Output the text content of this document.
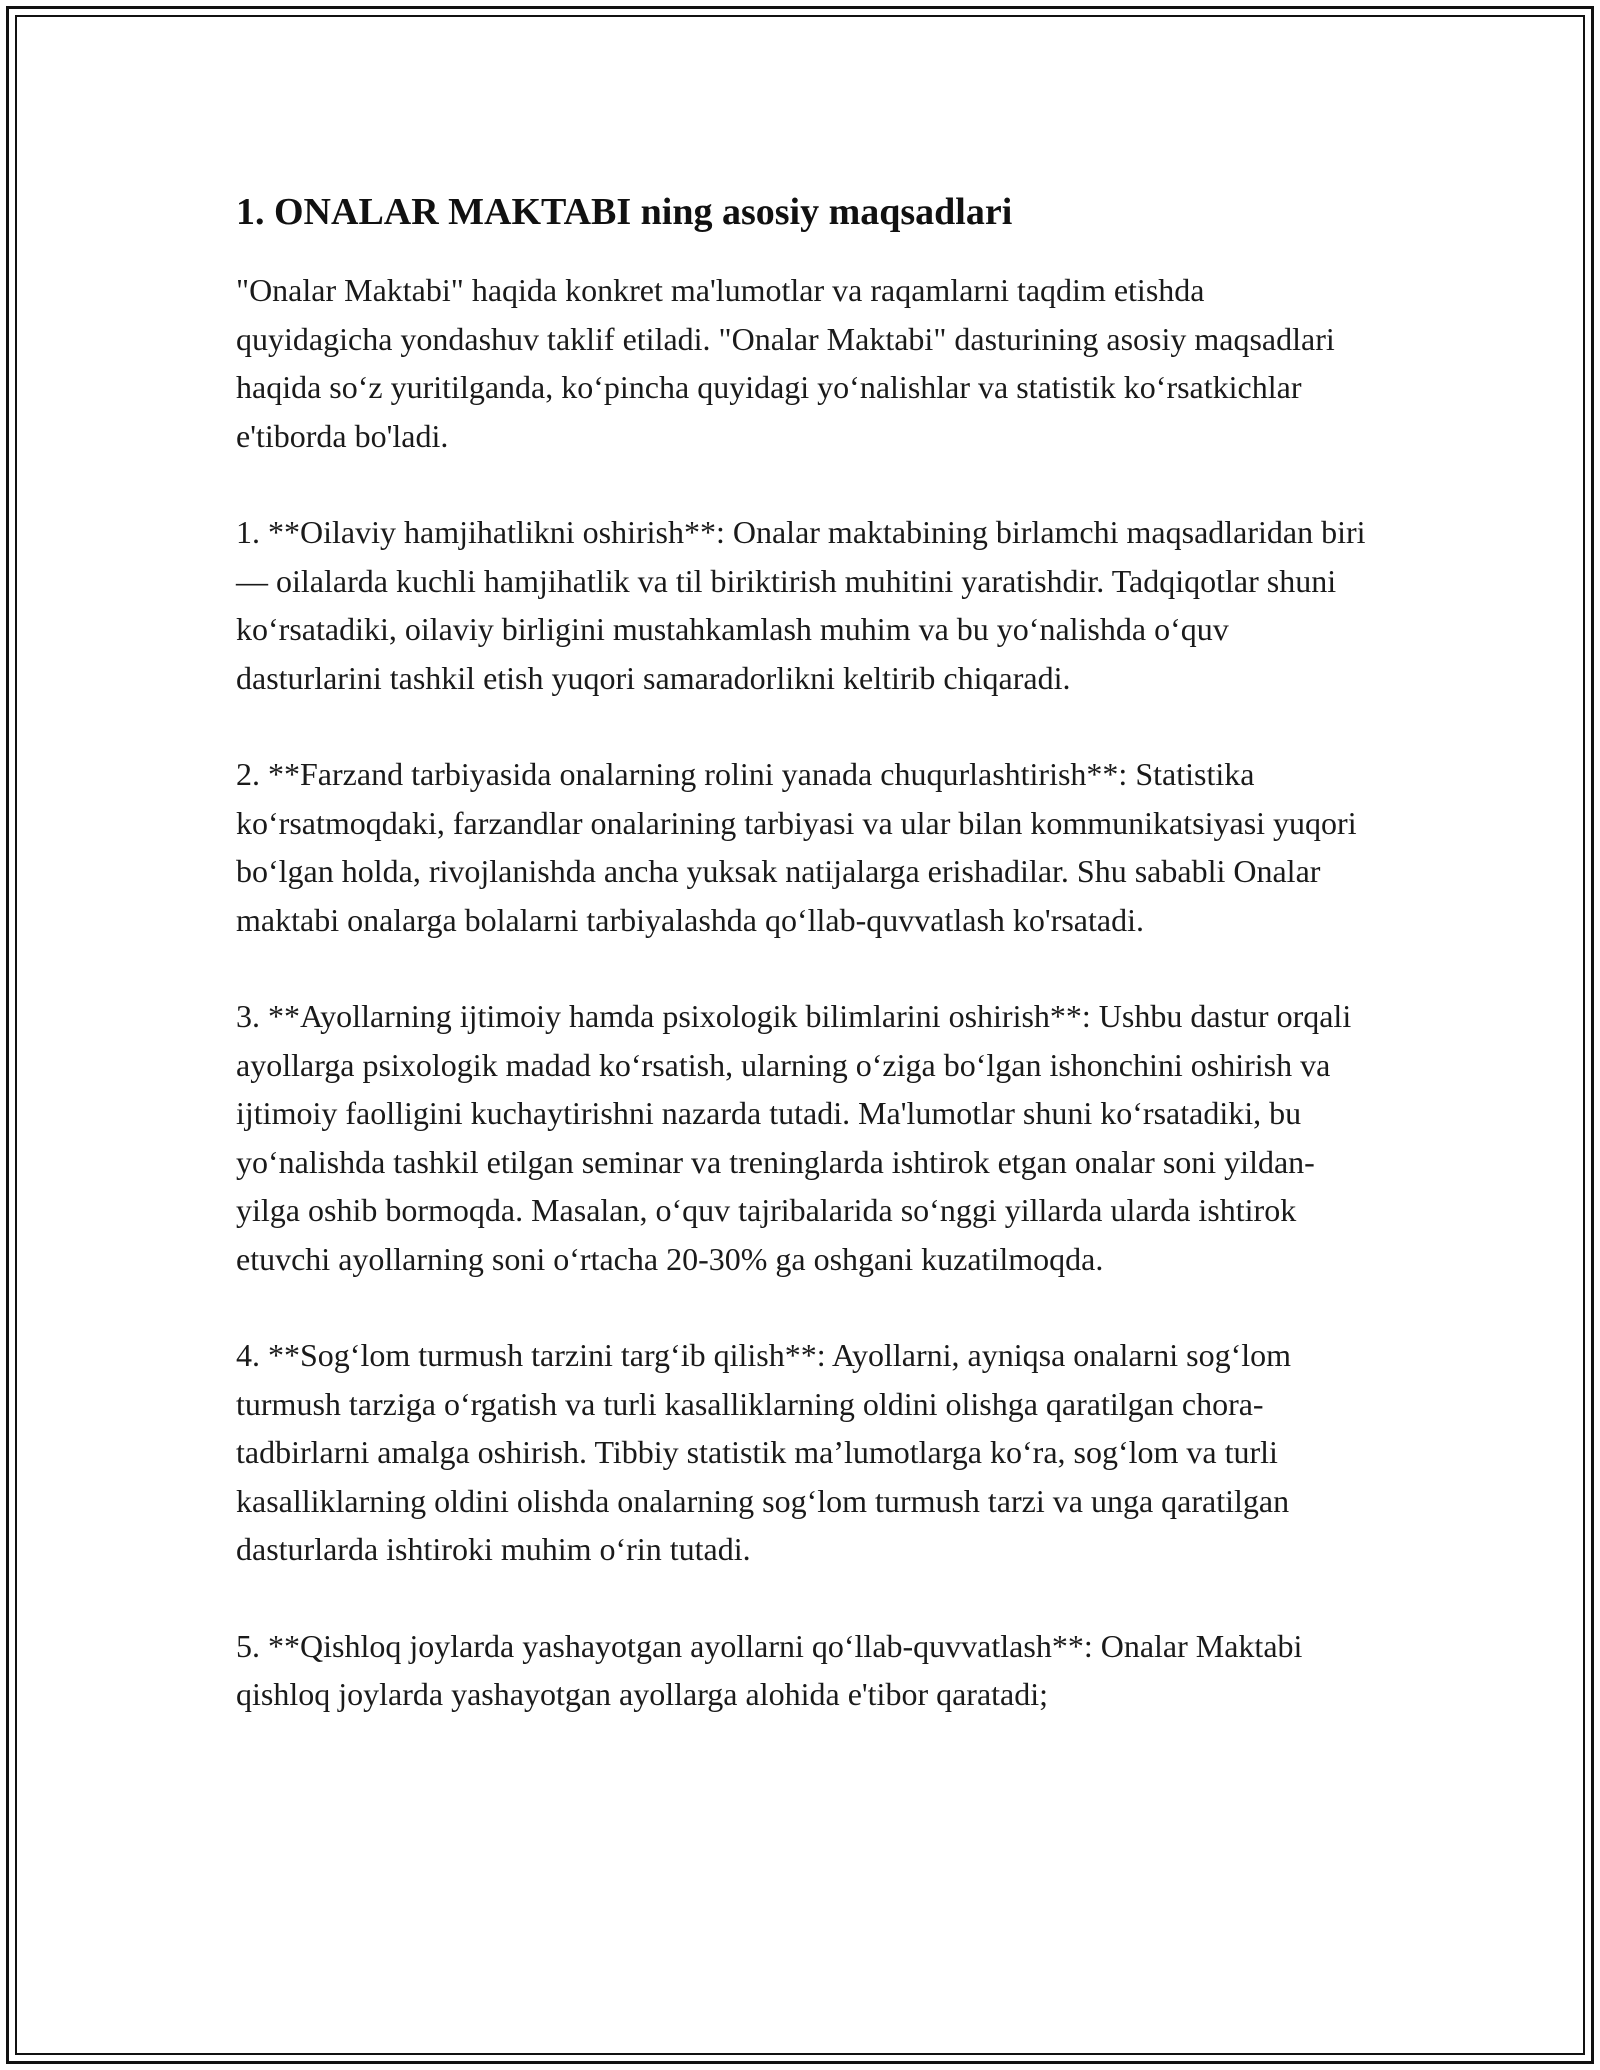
1. ONALAR MAKTABI ning asosiy maqsadlari

"Onalar Maktabi" haqida konkret ma'lumotlar va raqamlarni taqdim etishda quyidagicha yondashuv taklif etiladi. "Onalar Maktabi" dasturining asosiy maqsadlari haqida so‘z yuritilganda, ko‘pincha quyidagi yo‘nalishlar va statistik ko‘rsatkichlar e'tiborda bo'ladi.

1. **Oilaviy hamjihatlikni oshirish**: Onalar maktabining birlamchi maqsadlaridan biri — oilalarda kuchli hamjihatlik va til biriktirish muhitini yaratishdir. Tadqiqotlar shuni ko‘rsatadiki, oilaviy birligini mustahkamlash muhim va bu yo‘nalishda o‘quv dasturlarini tashkil etish yuqori samaradorlikni keltirib chiqaradi.

2. **Farzand tarbiyasida onalarning rolini yanada chuqurlashtirish**: Statistika ko‘rsatmoqdaki, farzandlar onalarining tarbiyasi va ular bilan kommunikatsiyasi yuqori bo‘lgan holda, rivojlanishda ancha yuksak natijalarga erishadilar. Shu sababli Onalar maktabi onalarga bolalarni tarbiyalashda qo‘llab-quvvatlash ko'rsatadi.

3. **Ayollarning ijtimoiy hamda psixologik bilimlarini oshirish**: Ushbu dastur orqali ayollarga psixologik madad ko‘rsatish, ularning o‘ziga bo‘lgan ishonchini oshirish va ijtimoiy faolligini kuchaytirishni nazarda tutadi. Ma'lumotlar shuni ko‘rsatadiki, bu yo‘nalishda tashkil etilgan seminar va treninglarda ishtirok etgan onalar soni yildan-yilga oshib bormoqda. Masalan, o‘quv tajribalarida so‘nggi yillarda ularda ishtirok etuvchi ayollarning soni o‘rtacha 20-30% ga oshgani kuzatilmoqda.

4. **Sog‘lom turmush tarzini targ‘ib qilish**: Ayollarni, ayniqsa onalarni sog‘lom turmush tarziga o‘rgatish va turli kasalliklarning oldini olishga qaratilgan chora-tadbirlarni amalga oshirish. Tibbiy statistik ma’lumotlarga ko‘ra, sog‘lom va turli kasalliklarning oldini olishda onalarning sog‘lom turmush tarzi va unga qaratilgan dasturlarda ishtiroki muhim o‘rin tutadi.

5. **Qishloq joylarda yashayotgan ayollarni qo‘llab-quvvatlash**: Onalar Maktabi qishloq joylarda yashayotgan ayollarga alohida e'tibor qaratadi;
